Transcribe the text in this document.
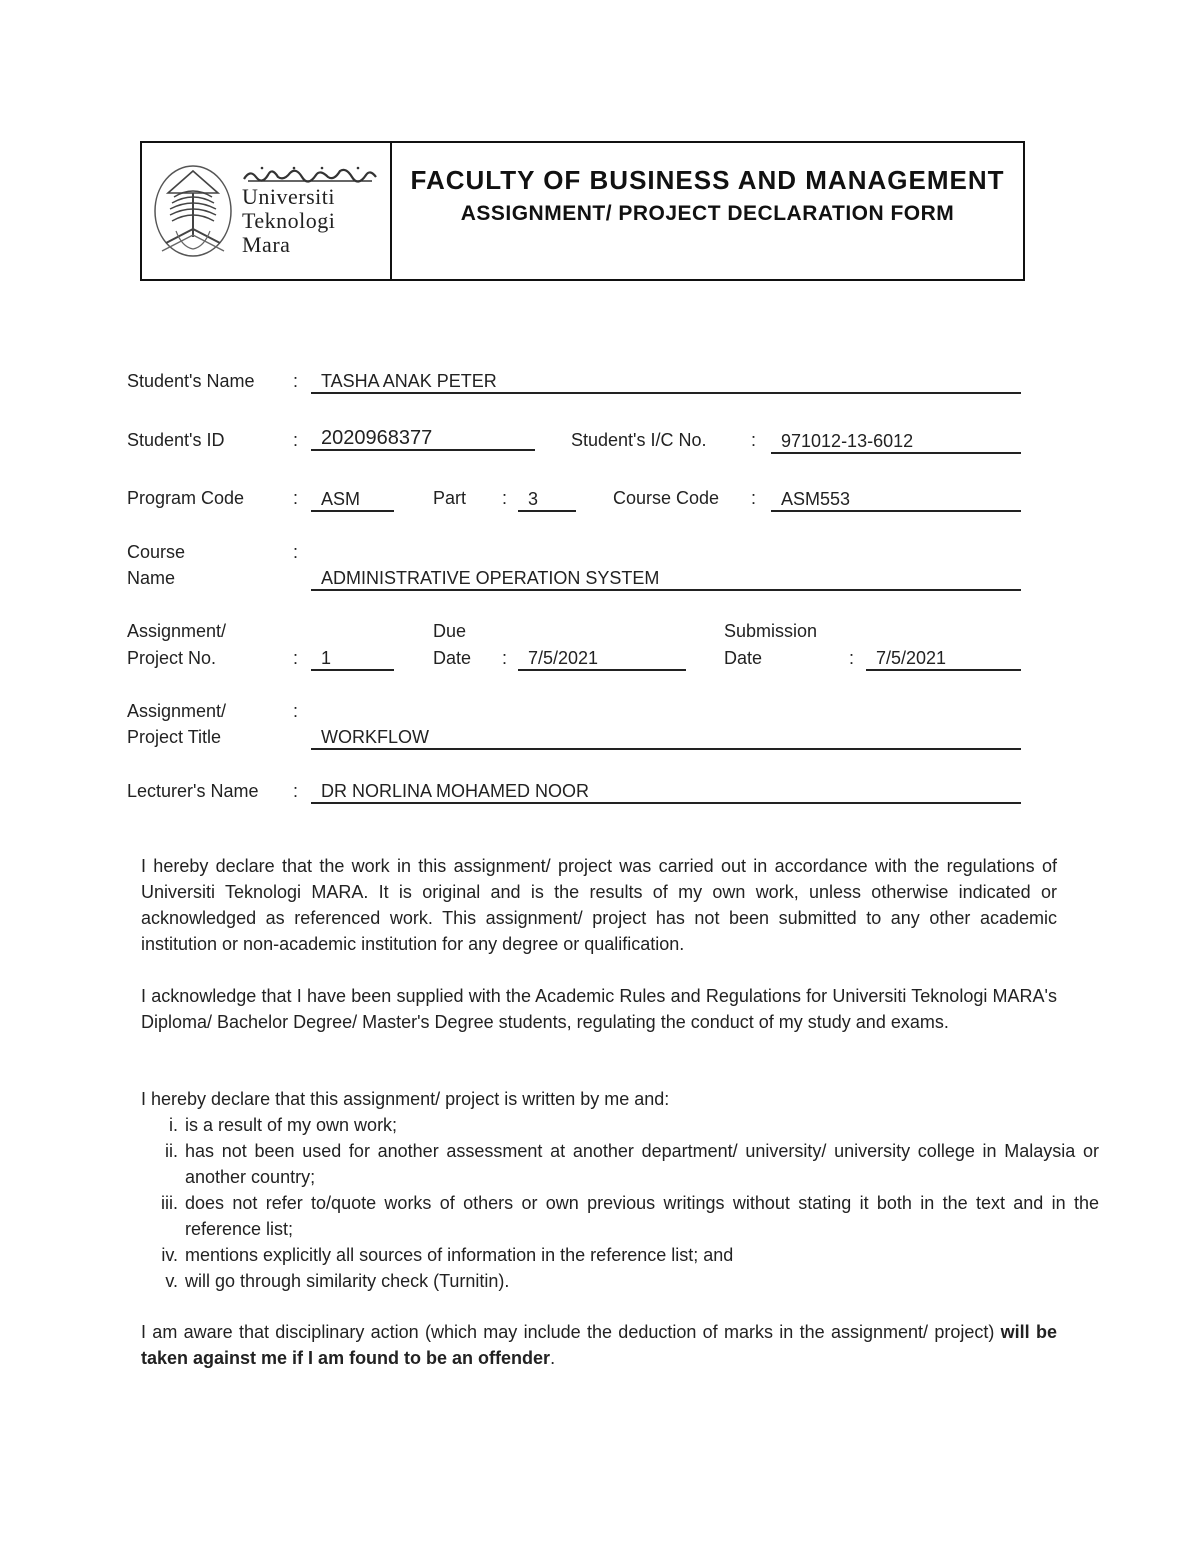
Universiti
Teknologi
Mara
FACULTY OF BUSINESS AND MANAGEMENT
ASSIGNMENT/ PROJECT DECLARATION FORM
Student's Name :	TASHA ANAK PETER
Student's ID	:	2020968377	Student's I/C No. :	971012-13-6012
Program Code	:	ASM	Part :	3	Course Code :	ASM553
Course
Name
:
ADMINISTRATIVE OPERATION SYSTEM
Assignment/
Project No.	:	1
Due
Date :	7/5/2021
Submission
Date	:	7/5/2021
Assignment/
Project Title
:
WORKFLOW
Lecturer's Name :	DR NORLINA MOHAMED NOOR

I hereby declare that the work in this assignment/ project was carried out in accordance with the regulations of Universiti Teknologi MARA. It is original and is the results of my own work, unless otherwise indicated or acknowledged as referenced work. This assignment/ project has not been submitted to any other academic institution or non-academic institution for any degree or qualification.

I acknowledge that I have been supplied with the Academic Rules and Regulations for Universiti Teknologi MARA's Diploma/ Bachelor Degree/ Master's Degree students, regulating the conduct of my study and exams.

I hereby declare that this assignment/ project is written by me and:

i. is a result of my own work;
ii. has not been used for another assessment at another department/ university/ university college in Malaysia or another country;
iii. does not refer to/quote works of others or own previous writings without stating it both in the text and in the reference list;
iv. mentions explicitly all sources of information in the reference list; and
v. will go through similarity check (Turnitin).

I am aware that disciplinary action (which may include the deduction of marks in the assignment/ project) will be taken against me if I am found to be an offender.
